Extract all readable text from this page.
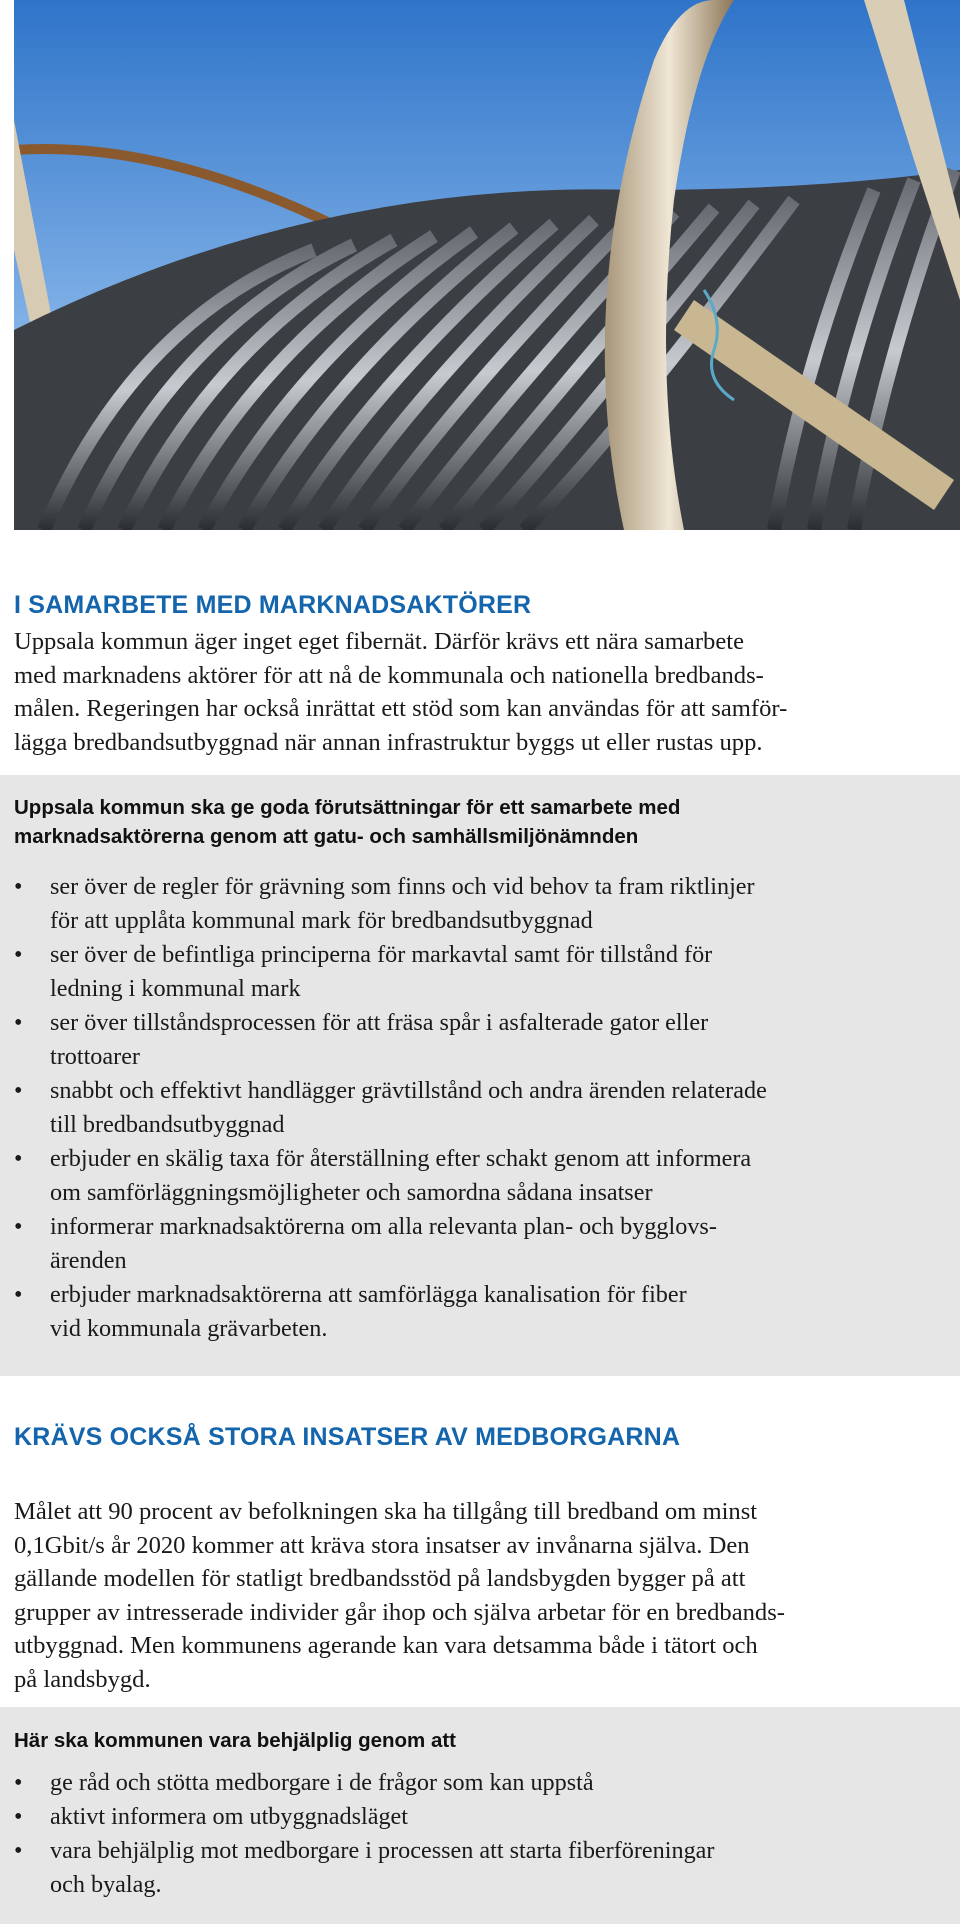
I SAMARBETE MED MARKNADSAKTÖRER

Uppsala kommun äger inget eget fibernät. Därför krävs ett nära samarbete
med marknadens aktörer för att nå de kommunala och nationella bredbands-
målen. Regeringen har också inrättat ett stöd som kan användas för att samför-
lägga bredbandsutbyggnad när annan infrastruktur byggs ut eller rustas upp.

Uppsala kommun ska ge goda förutsättningar för ett samarbete med
marknadsaktörerna genom att gatu- och samhällsmiljönämnden
•	ser över de regler för grävning som finns och vid behov ta fram riktlinjer
för att upplåta kommunal mark för bredbandsutbyggnad
•	ser över de befintliga principerna för markavtal samt för tillstånd för
ledning i kommunal mark
•	ser över tillståndsprocessen för att fräsa spår i asfalterade gator eller
trottoarer
•	snabbt och effektivt handlägger grävtillstånd och andra ärenden relaterade
till bredbandsutbyggnad
•	erbjuder en skälig taxa för återställning efter schakt genom att informera
om samförläggningsmöjligheter och samordna sådana insatser
•	informerar marknadsaktörerna om alla relevanta plan- och bygglovs-
ärenden
•	erbjuder marknadsaktörerna att samförlägga kanalisation för fiber
vid kommunala grävarbeten.
KRÄVS OCKSÅ STORA INSATSER AV MEDBORGARNA

Målet att 90 procent av befolkningen ska ha tillgång till bredband om minst
0,1Gbit/s år 2020 kommer att kräva stora insatser av invånarna själva. Den
gällande modellen för statligt bredbandsstöd på landsbygden bygger på att
grupper av intresserade individer går ihop och själva arbetar för en bredbands-
utbyggnad. Men kommunens agerande kan vara detsamma både i tätort och
på landsbygd.

Här ska kommunen vara behjälplig genom att
•	ge råd och stötta medborgare i de frågor som kan uppstå
•	aktivt informera om utbyggnadsläget
•	vara behjälplig mot medborgare i processen att starta fiberföreningar
och byalag.
